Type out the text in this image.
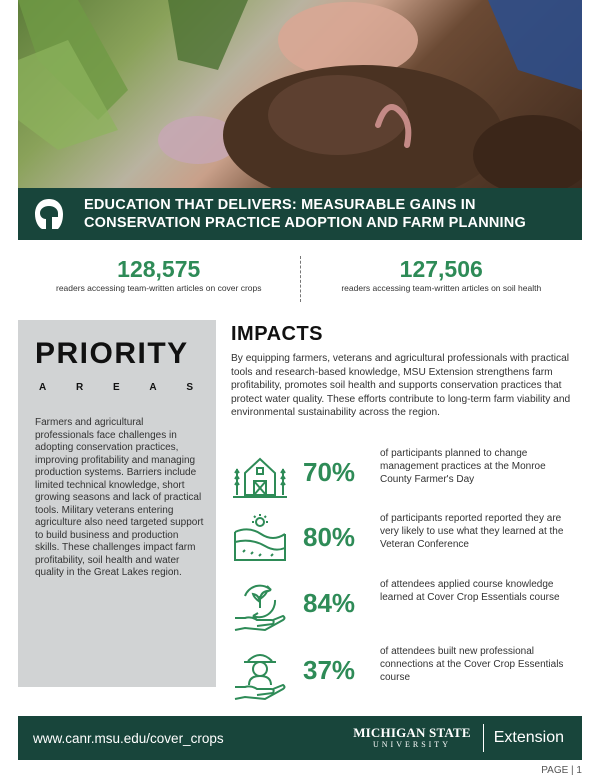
EDUCATION THAT DELIVERS: MEASURABLE GAINS IN
CONSERVATION PRACTICE ADOPTION AND FARM PLANNING
128,575
readers accessing team-written articles on cover crops
127,506
readers accessing team-written articles on soil health
PRIORITY
A	R	E	A	S
Farmers and agricultural professionals face challenges in adopting conservation practices, improving profitability and managing production systems. Barriers include limited technical knowledge, short growing seasons and lack of practical tools. Military veterans entering agriculture also need targeted support to build business and production skills. These challenges impact farm profitability, soil health and water quality in the Great Lakes region.
IMPACTS
By equipping farmers, veterans and agricultural professionals with practical tools and research-based knowledge, MSU Extension strengthens farm profitability, promotes soil health and supports conservation practices that protect water quality. These efforts contribute to long-term farm viability and environmental sustainability across the region.
70%
of participants planned to change management practices at the Monroe County Farmer's Day
80%
of participants reported reported they are very likely to use what they learned at the Veteran Conference
84%
of attendees applied course knowledge learned at Cover Crop Essentials course
37%
of attendees built new professional connections at the Cover Crop Essentials course
www.canr.msu.edu/cover_crops	MICHIGAN STATE
UNIVERSITY	Extension
PAGE | 1
